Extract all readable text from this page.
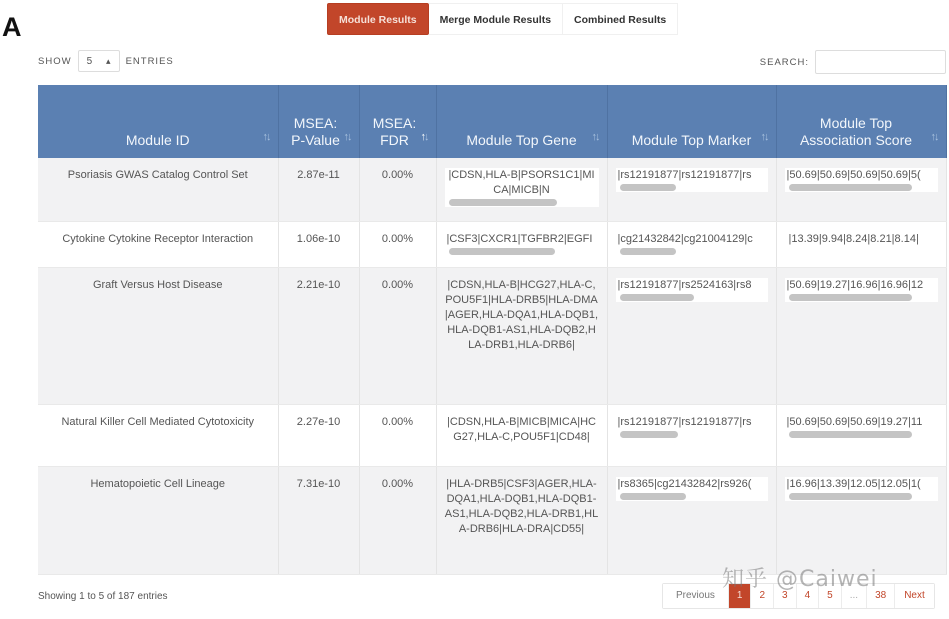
A	Module Results	Merge Module Results	Combined Results
SHOW 5 ▴ ENTRIES	SEARCH:
Module ID ↑↓	MSEA: P-Value ↑↓	MSEA: FDR ↑↓	Module Top Gene ↑↓	Module Top Marker ↑↓	Module Top Association Score ↑↓

Psoriasis GWAS Catalog Control Set	2.87e-11	0.00%	|CDSN,HLA-B|PSORS1C1|MICA|MICB|N	|rs12191877|rs12191877|rs	|50.69|50.69|50.69|50.69|5(

Cytokine Cytokine Receptor Interaction	1.06e-10	0.00%	|CSF3|CXCR1|TGFBR2|EGFI	|cg21432842|cg21004129|c	|13.39|9.94|8.24|8.21|8.14|
Graft Versus Host Disease	2.21e-10	0.00%	|CDSN,HLA-B|HCG27,HLA-C,POU5F1|HLA-DRB5|HLA-DMA|AGER,HLA-DQA1,HLA-DQB1,HLA-DQB1-AS1,HLA-DQB2,HLA-DRB1,HLA-DRB6|	|rs12191877|rs2524163|rs8	|50.69|19.27|16.96|16.96|12

Natural Killer Cell Mediated Cytotoxicity	2.27e-10	0.00%	|CDSN,HLA-B|MICB|MICA|HCG27,HLA-C,POU5F1|CD48|	|rs12191877|rs12191877|rs	|50.69|50.69|50.69|19.27|11

Hematopoietic Cell Lineage	7.31e-10	0.00%	|HLA-DRB5|CSF3|AGER,HLA-DQA1,HLA-DQB1,HLA-DQB1-AS1,HLA-DQB2,HLA-DRB1,HLA-DRB6|HLA-DRA|CD55|	|rs8365|cg21432842|rs926(	|16.96|13.39|12.05|12.05|1(
Showing 1 to 5 of 187 entries	Previous	1	2	3	4	5	...	38	Next
知乎 @Caiwei
